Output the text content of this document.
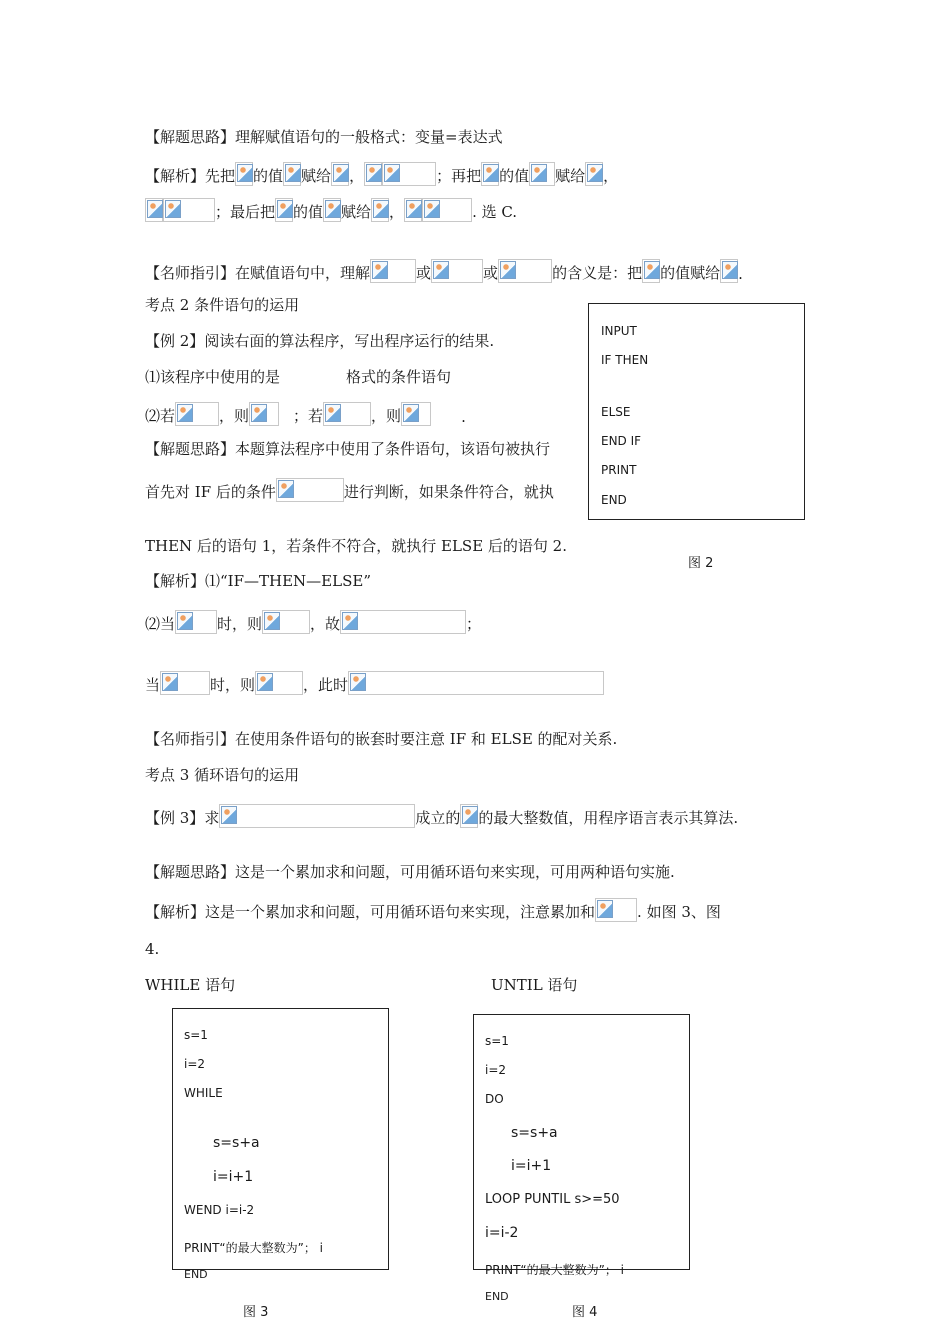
【解题思路】理解赋值语句的一般格式：变量=表达式
【解析】 先把 的值 赋给 ，	；再把 的值 赋给 ，
；最后把 的值 赋给 ，	. 选 C.
【名师指引】 在赋值语句中，理解	或	或	的含义是：把 的值赋给 .
考点 2 条件语句的运用
【例 2】阅读右面的算法程序，写出程序运行的结果.
⑴该程序中使用的是	格式的条件语句
⑵若	，则	；若	，则	.
【解题思路】本题算法程序中使用了条件语句，该语句被执行
首先对 IF 后的条件	进行判断，如果条件符合，就执
THEN 后的语句 1，若条件不符合，就执行 ELSE 后的语句 2.
【解析】⑴“IF—THEN—ELSE”
⑵当	时，则	，故	；
当	时，则	，此时
【名师指引】在使用条件语句的嵌套时要注意 IF 和 ELSE 的配对关系.
考点 3 循环语句的运用
【例 3】 求	成立的 的最大整数值，用程序语言表示其算法.
【解题思路】这是一个累加求和问题，可用循环语句来实现，可用两种语句实施.
【解析】 这是一个累加求和问题，可用循环语句来实现，注意累加和	. 如图 3、图
4.
WHILE 语句	UNTIL 语句
INPUT
IF THEN
ELSE
END IF
PRINT
END
图 2
s=1
i=2
WHILE
s=s+a
i=i+1
WEND i=i-2
PRINT“的最大整数为”； i
END
图 3
s=1
i=2
DO
s=s+a
i=i+1
LOOP PUNTIL s>=50
i=i-2
PRINT“的最大整数为”； i
END
图 4
